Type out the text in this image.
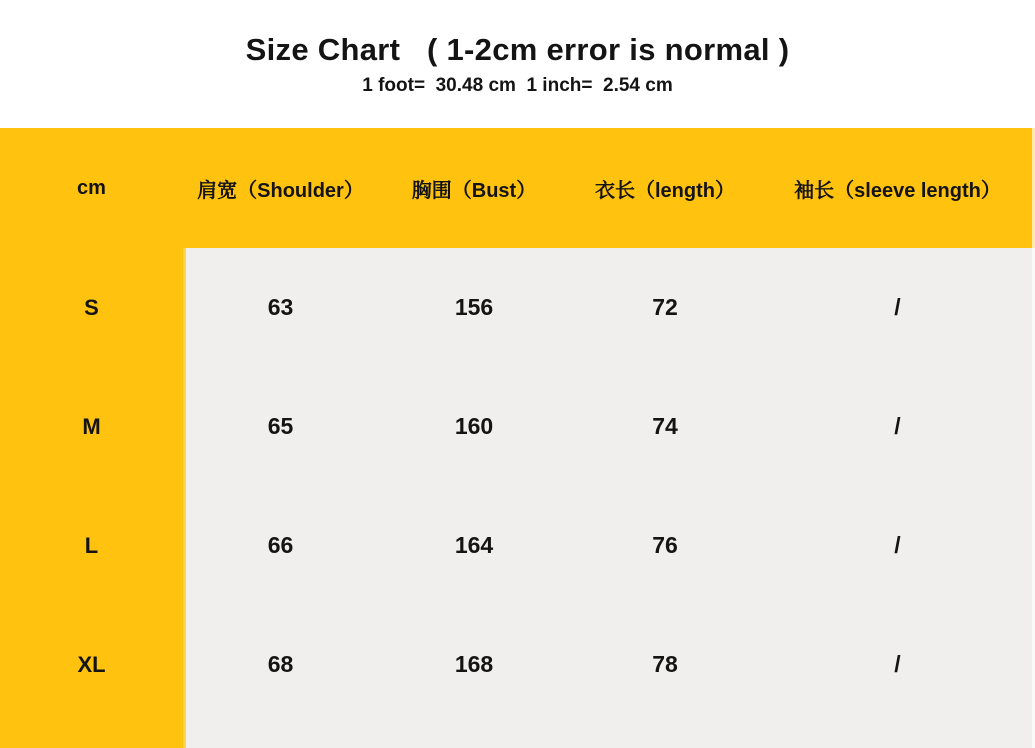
Size Chart   ( 1-2cm error is normal )
1 foot=  30.48 cm  1 inch=  2.54 cm
cm	肩宽（Shoulder）	胸围（Bust）	衣长（length）	袖长（sleeve length）
S	63	156	72	/
M	65	160	74	/
L	66	164	76	/
XL	68	168	78	/
